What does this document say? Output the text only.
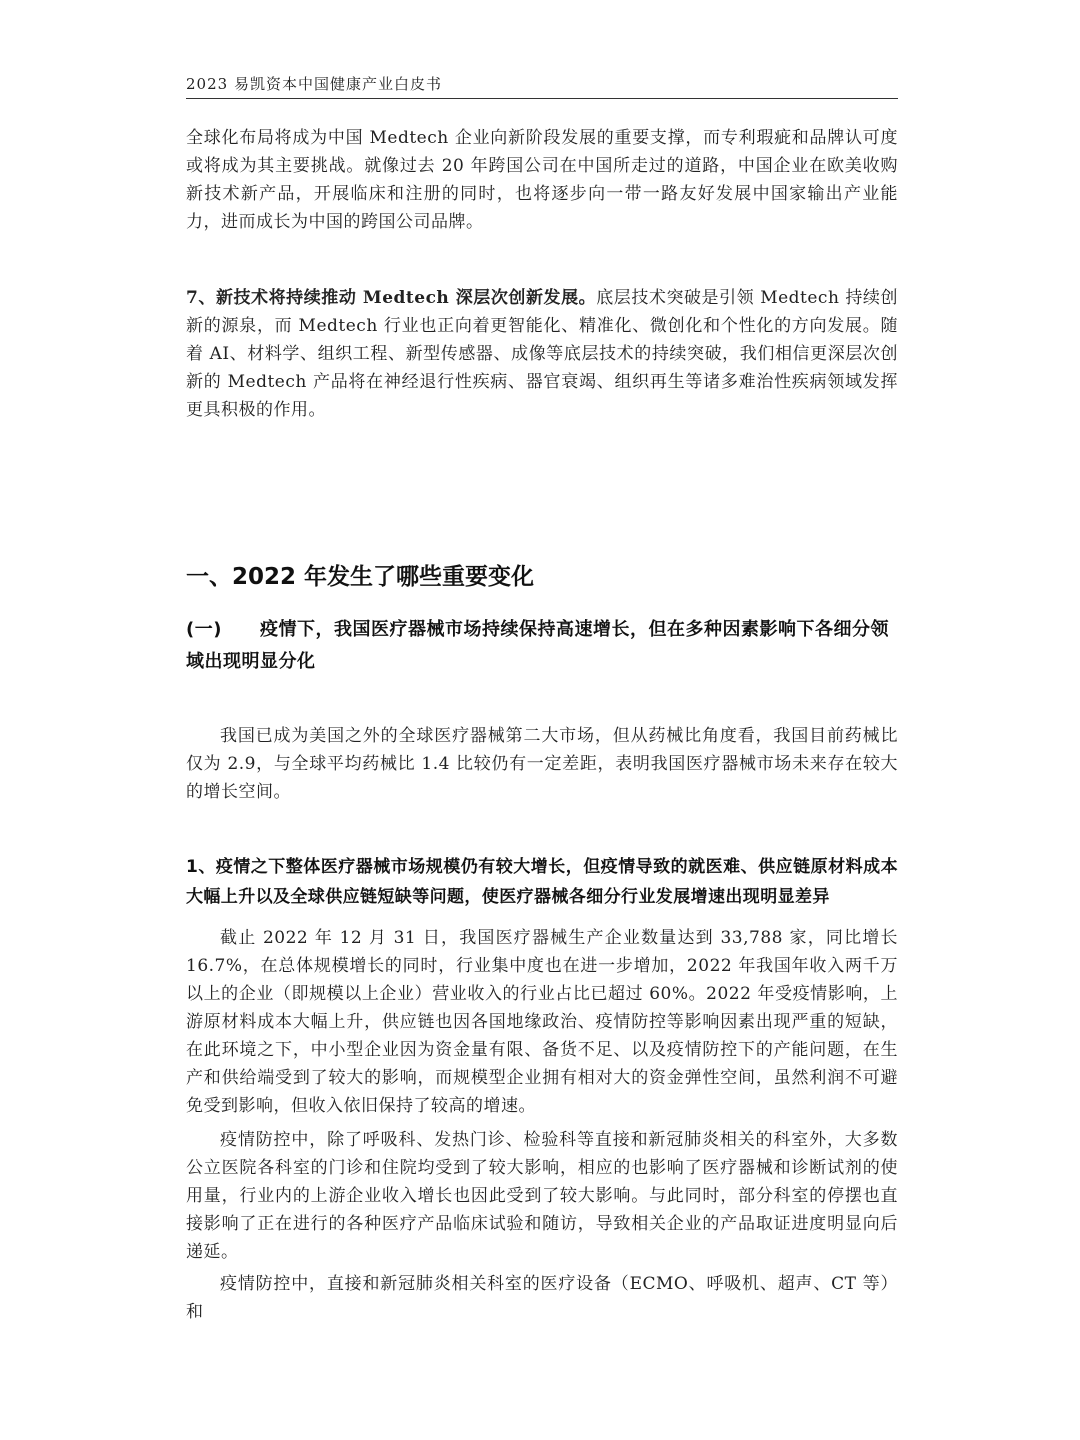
2023 易凯资本中国健康产业白皮书

全球化布局将成为中国 Medtech 企业向新阶段发展的重要支撑，而专利瑕疵和品牌认可度或将成为其主要挑战。就像过去 20 年跨国公司在中国所走过的道路，中国企业在欧美收购新技术新产品，开展临床和注册的同时，也将逐步向一带一路友好发展中国家输出产业能力，进而成长为中国的跨国公司品牌。

7、新技术将持续推动 Medtech 深层次创新发展。底层技术突破是引领 Medtech 持续创新的源泉，而 Medtech 行业也正向着更智能化、精准化、微创化和个性化的方向发展。随着 AI、材料学、组织工程、新型传感器、成像等底层技术的持续突破，我们相信更深层次创新的 Medtech 产品将在神经退行性疾病、器官衰竭、组织再生等诸多难治性疾病领域发挥更具积极的作用。

一、2022 年发生了哪些重要变化
(一) 疫情下，我国医疗器械市场持续保持高速增长，但在多种因素影响下各细分领域出现明显分化

我国已成为美国之外的全球医疗器械第二大市场，但从药械比角度看，我国目前药械比仅为 2.9，与全球平均药械比 1.4 比较仍有一定差距，表明我国医疗器械市场未来存在较大的增长空间。

1、疫情之下整体医疗器械市场规模仍有较大增长，但疫情导致的就医难、供应链原材料成本大幅上升以及全球供应链短缺等问题，使医疗器械各细分行业发展增速出现明显差异

截止 2022 年 12 月 31 日，我国医疗器械生产企业数量达到 33,788 家，同比增长 16.7%，在总体规模增长的同时，行业集中度也在进一步增加，2022 年我国年收入两千万以上的企业（即规模以上企业）营业收入的行业占比已超过 60%。2022 年受疫情影响，上游原材料成本大幅上升，供应链也因各国地缘政治、疫情防控等影响因素出现严重的短缺，在此环境之下，中小型企业因为资金量有限、备货不足、以及疫情防控下的产能问题，在生产和供给端受到了较大的影响，而规模型企业拥有相对大的资金弹性空间，虽然利润不可避免受到影响，但收入依旧保持了较高的增速。

疫情防控中，除了呼吸科、发热门诊、检验科等直接和新冠肺炎相关的科室外，大多数公立医院各科室的门诊和住院均受到了较大影响，相应的也影响了医疗器械和诊断试剂的使用量，行业内的上游企业收入增长也因此受到了较大影响。与此同时，部分科室的停摆也直接影响了正在进行的各种医疗产品临床试验和随访，导致相关企业的产品取证进度明显向后递延。

疫情防控中，直接和新冠肺炎相关科室的医疗设备（ECMO、呼吸机、超声、CT 等）和
